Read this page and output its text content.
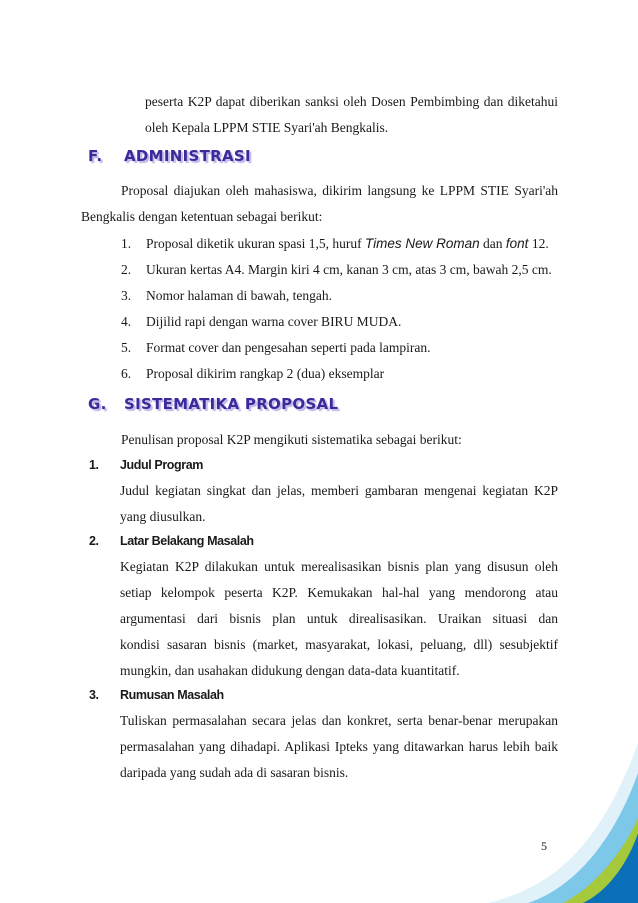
peserta K2P dapat diberikan sanksi oleh Dosen Pembimbing dan diketahui
oleh Kepala LPPM STIE Syari'ah Bengkalis.
F. ADMINISTRASI
Proposal diajukan oleh mahasiswa, dikirim langsung ke LPPM STIE Syari'ah
Bengkalis dengan ketentuan sebagai berikut:
1. Proposal diketik ukuran spasi 1,5, huruf Times New Roman dan font 12.
2. Ukuran kertas A4. Margin kiri 4 cm, kanan 3 cm, atas 3 cm, bawah 2,5 cm.
3. Nomor halaman di bawah, tengah.
4. Dijilid rapi dengan warna cover BIRU MUDA.
5. Format cover dan pengesahan seperti pada lampiran.
6. Proposal dikirim rangkap 2 (dua) eksemplar
G. SISTEMATIKA PROPOSAL
Penulisan proposal K2P mengikuti sistematika sebagai berikut:
1. Judul Program
Judul kegiatan singkat dan jelas, memberi gambaran mengenai kegiatan K2P
yang diusulkan.
2. Latar Belakang Masalah
Kegiatan K2P dilakukan untuk merealisasikan bisnis plan yang disusun oleh
setiap kelompok peserta K2P. Kemukakan hal-hal yang mendorong atau
argumentasi dari bisnis plan untuk direalisasikan. Uraikan situasi dan
kondisi sasaran bisnis (market, masyarakat, lokasi, peluang, dll) sesubjektif
mungkin, dan usahakan didukung dengan data-data kuantitatif.
3. Rumusan Masalah
Tuliskan permasalahan secara jelas dan konkret, serta benar-benar merupakan
permasalahan yang dihadapi. Aplikasi Ipteks yang ditawarkan harus lebih baik
daripada yang sudah ada di sasaran bisnis.
5
